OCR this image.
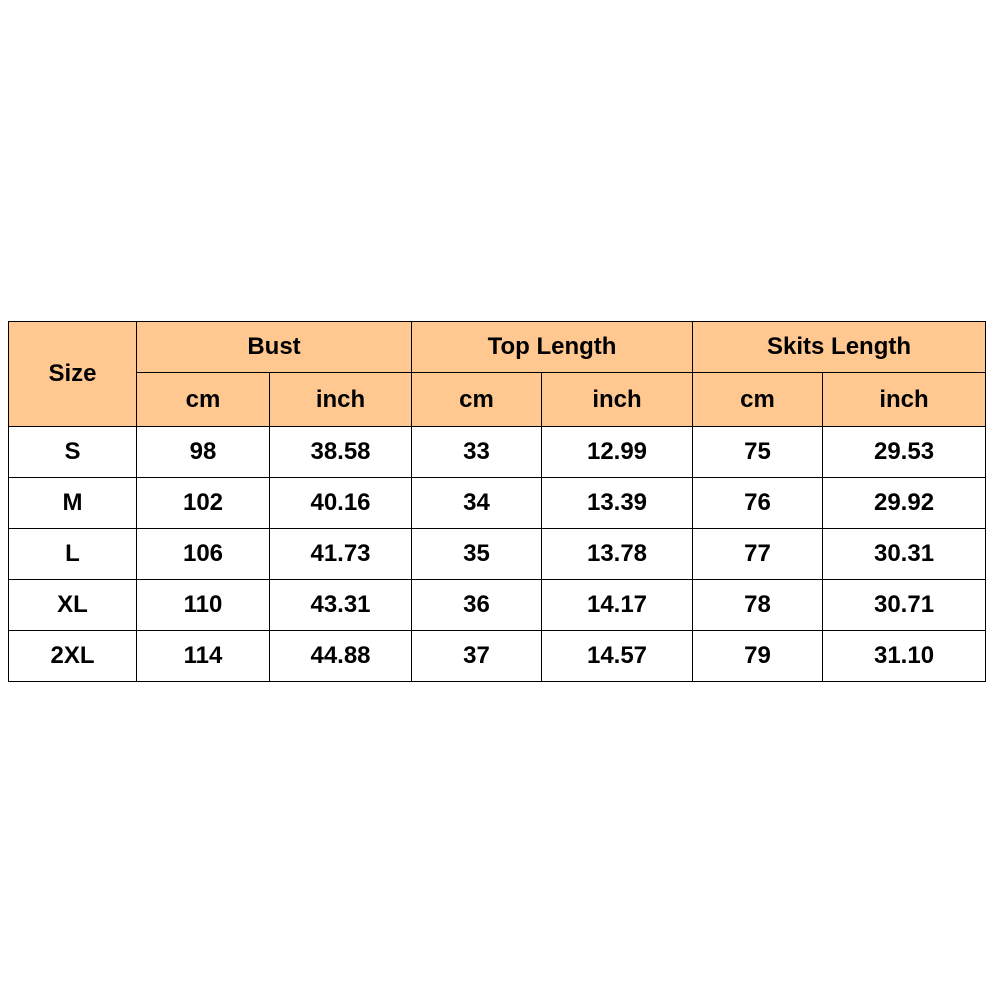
Size	Bust		Top Length		Skits Length	
	cm	inch	cm	inch	cm	inch
S	98	38.58	33	12.99	75	29.53
M	102	40.16	34	13.39	76	29.92
L	106	41.73	35	13.78	77	30.31
XL	110	43.31	36	14.17	78	30.71
2XL	114	44.88	37	14.57	79	31.10
